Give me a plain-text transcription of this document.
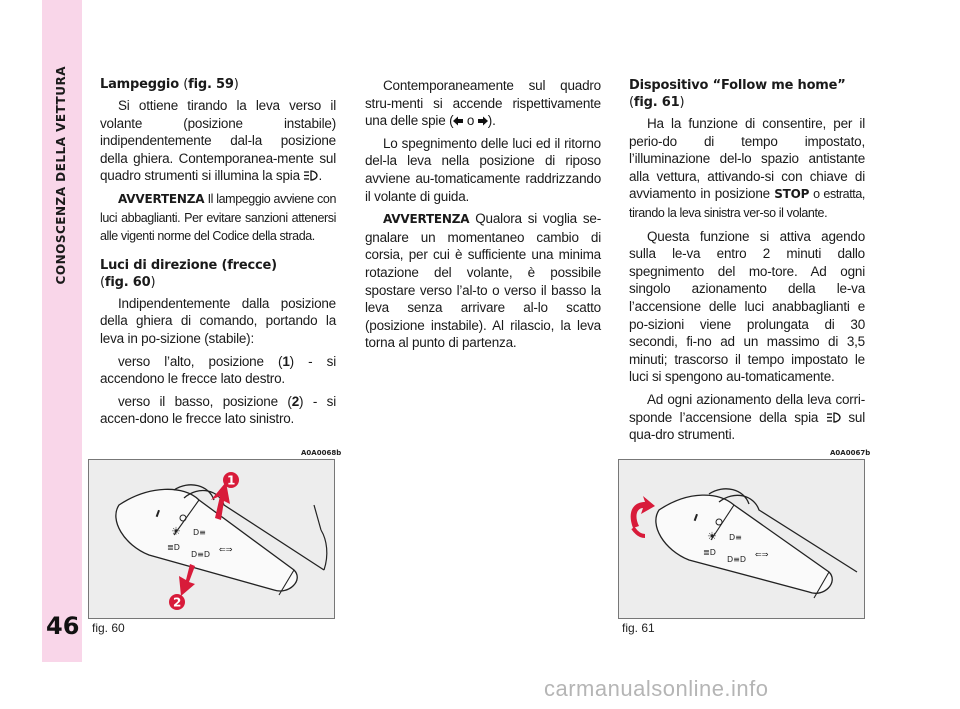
CONOSCENZA DELLA VETTURA
46
Lampeggio (fig. 59)

Si ottiene tirando la leva verso il volante (posizione instabile) indipendentemente dal-la posizione della ghiera. Contemporanea-mente sul quadro strumenti si illumina la spia .

AVVERTENZA Il lampeggio avviene con luci abbaglianti. Per evitare sanzioni attenersi alle vigenti norme del Codice della strada.

Luci di direzione (frecce)
(fig. 60)

Indipendentemente dalla posizione della ghiera di comando, portando la leva in po-sizione (stabile):

verso l’alto, posizione (1) - si accendono le frecce lato destro.

verso il basso, posizione (2) - si accen-dono le frecce lato sinistro.

Contemporaneamente sul quadro stru-menti si accende rispettivamente una delle spie ( o ).

Lo spegnimento delle luci ed il ritorno del-la leva nella posizione di riposo avviene au-tomaticamente raddrizzando il volante di guida.

AVVERTENZA Qualora si voglia se-gnalare un momentaneo cambio di corsia, per cui è sufficiente una minima rotazione del volante, è possibile spostare verso l’al-to o verso il basso la leva senza arrivare al-lo scatto (posizione instabile). Al rilascio, la leva torna al punto di partenza.

Dispositivo “Follow me home”
(fig. 61)

Ha la funzione di consentire, per il perio-do di tempo impostato, l’illuminazione del-lo spazio antistante alla vettura, attivando-si con chiave di avviamento in posizione STOP o estratta, tirando la leva sinistra ver-so il volante.

Questa funzione si attiva agendo sulla le-va entro 2 minuti dallo spegnimento del mo-tore. Ad ogni singolo azionamento della le-va l’accensione delle luci anabbaglianti e po-sizioni viene prolungata di 30 secondi, fi-no ad un massimo di 3,5 minuti; trascorso il tempo impostato le luci si spengono au-tomaticamente.

Ad ogni azionamento della leva corri-sponde l’accensione della spia  sul qua-dro strumenti.

A0A0068b
☀ D≡
≣D
D≡D
⇐⇒
1
2
fig. 60
A0A0067b
☀ D≡
≣D
D≡D
⇐⇒
fig. 61
carmanualsonline.info
